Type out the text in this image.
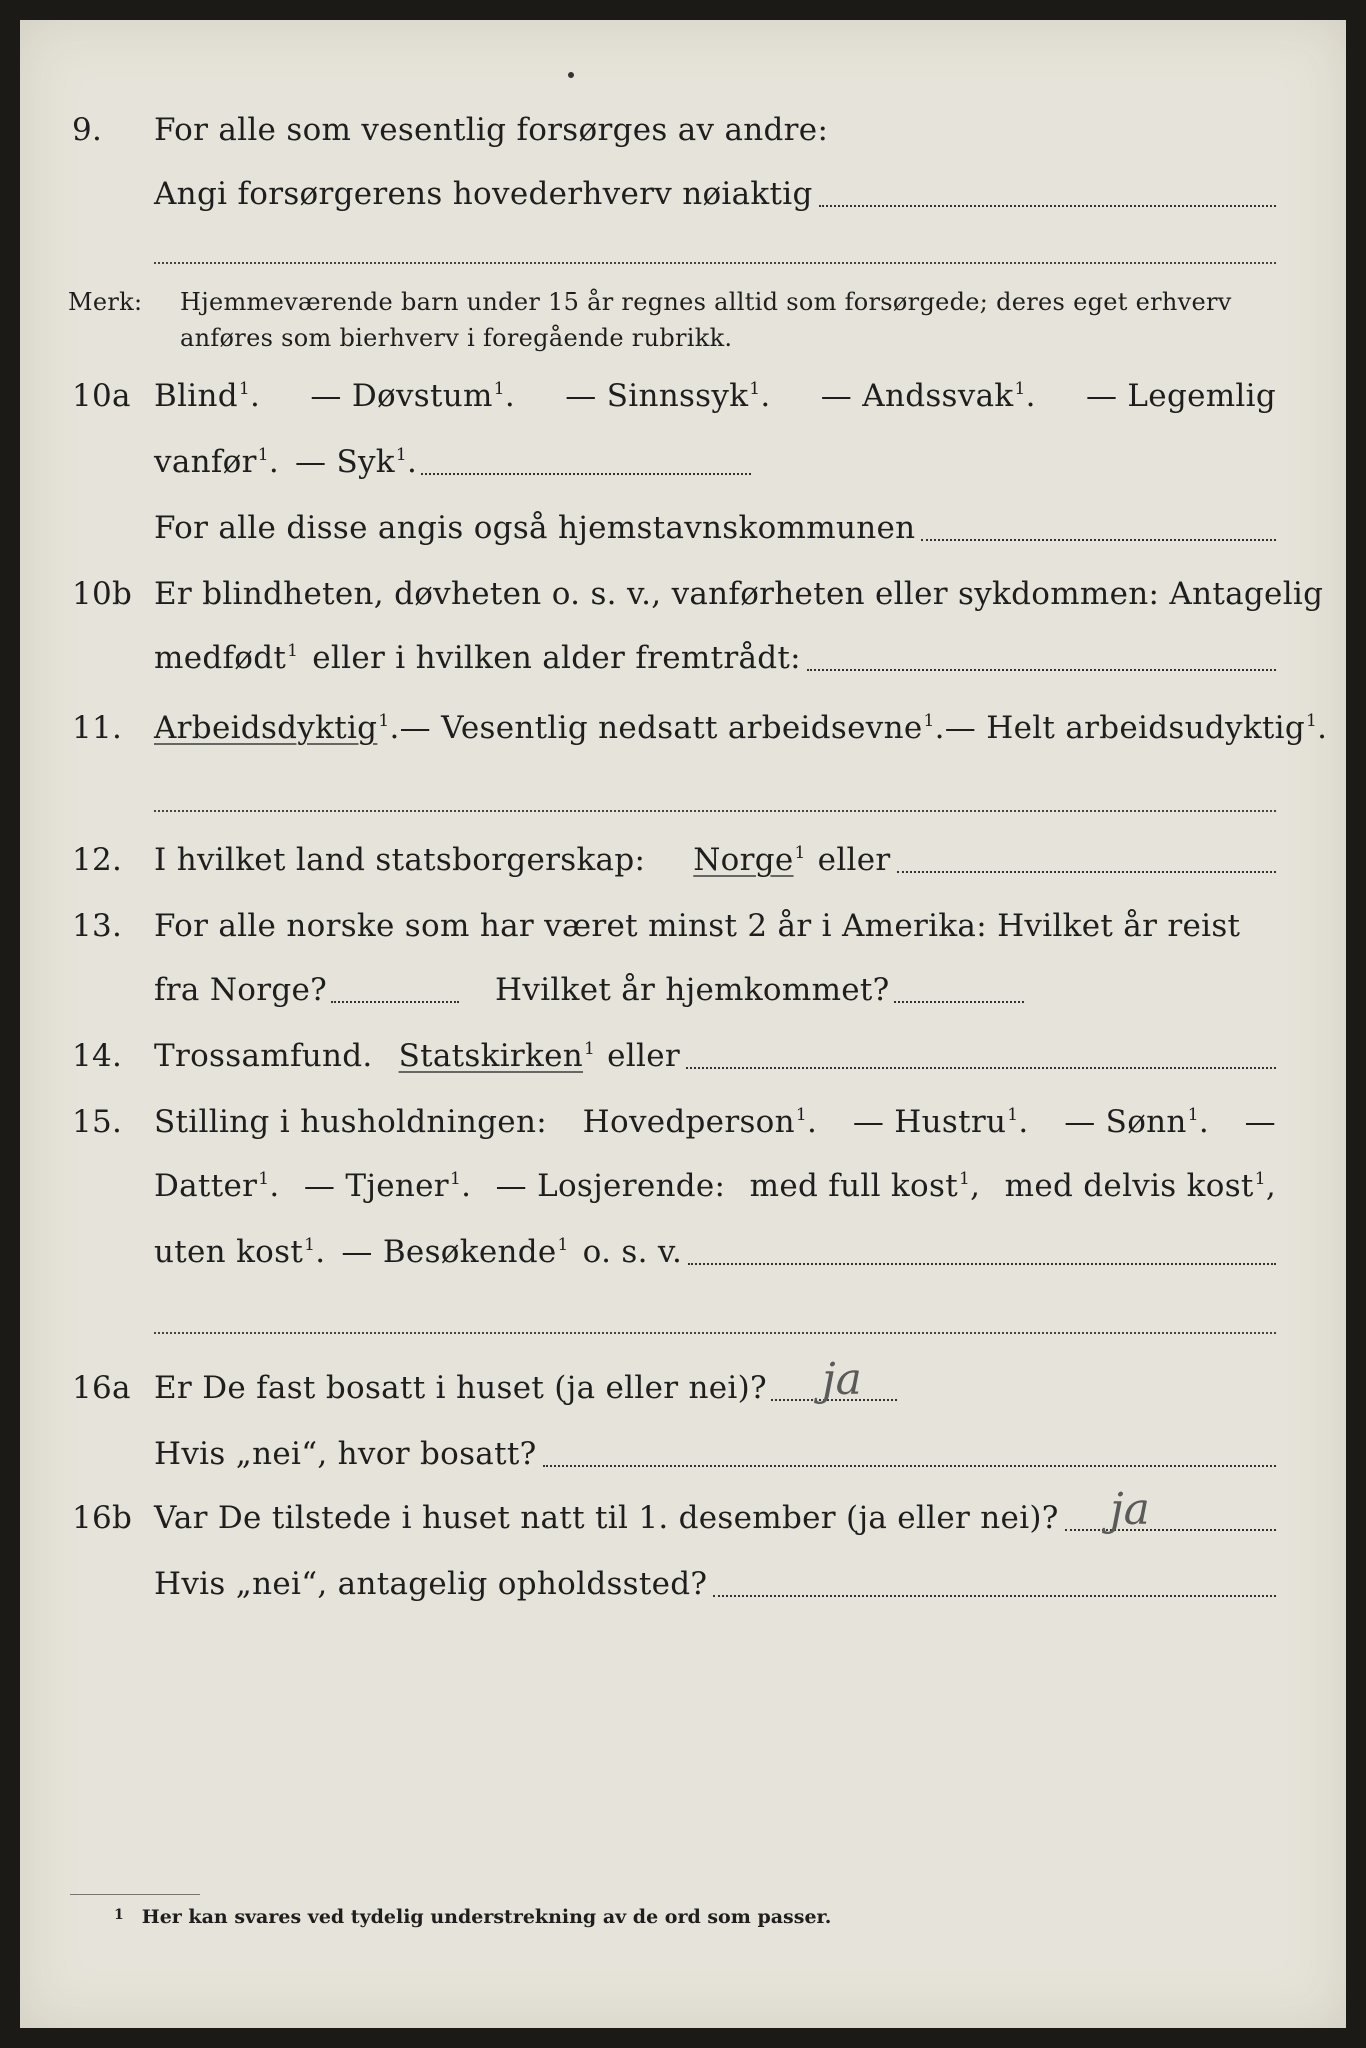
9. For alle som vesentlig forsørges av andre:
Angi forsørgerens hovederhverv nøiaktig
Merk: Hjemmeværende barn under 15 år regnes alltid som forsørgede; deres eget erhverv
anføres som bierhverv i foregående rubrikk.
10a Blind$^1$. — Døvstum$^1$. — Sinnssyk$^1$. — Andssvak$^1$. — Legemlig
vanfør$^1$. — Syk$^1$.
For alle disse angis også hjemstavnskommunen
10b Er blindheten, døvheten o. s. v., vanførheten eller sykdommen: Antagelig
medfødt$^1$ eller i hvilken alder fremtrådt:
11. Arbeidsdyktig$^1$. — Vesentlig nedsatt arbeidsevne$^1$. — Helt arbeidsudyktig$^1$.
12. I hvilket land statsborgerskap: Norge$^1$ eller
13. For alle norske som har været minst 2 år i Amerika: Hvilket år reist
fra Norge?	Hvilket år hjemkommet?
14. Trossamfund. Statskirken$^1$ eller
15. Stilling i husholdningen: Hovedperson$^1$. — Hustru$^1$. — Sønn$^1$. —
Datter$^1$. — Tjener$^1$. — Losjerende: med full kost$^1$, med delvis kost$^1$,
uten kost$^1$. — Besøkende$^1$ o. s. v.
16a Er De fast bosatt i huset (ja eller nei)? ja
Hvis „nei“, hvor bosatt?
16b Var De tilstede i huset natt til 1. desember (ja eller nei)? ja
Hvis „nei“, antagelig opholdssted?
$^1$ Her kan svares ved tydelig understrekning av de ord som passer.
